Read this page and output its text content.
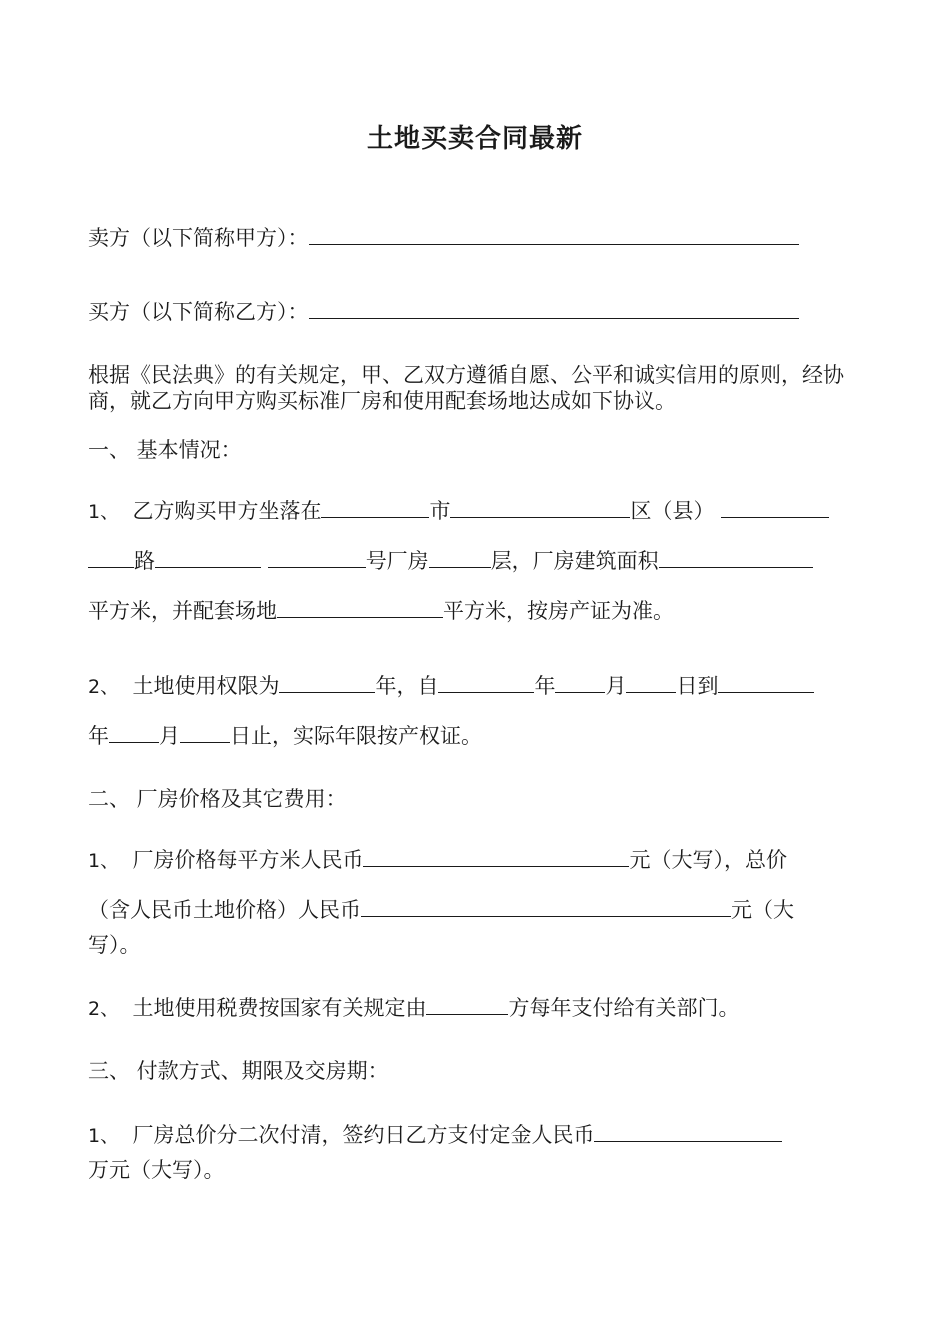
土地买卖合同最新
卖方（以下简称甲方）：
买方（以下简称乙方）：
根据《民法典》的有关规定，甲、乙双方遵循自愿、公平和诚实信用的原则，经协商，就乙方向甲方购买标准厂房和使用配套场地达成如下协议。
一、 基本情况：
1、 乙方购买甲方坐落在	市	区（县）
路	号厂房	层，厂房建筑面积
平方米，并配套场地	平方米，按房产证为准。
2、 土地使用权限为	年，自	年 月 日到
年 月 日止，实际年限按产权证。
二、 厂房价格及其它费用：
1、 厂房价格每平方米人民币	元（大写），总价
（含人民币土地价格）人民币	元（大
写）。
2、 土地使用税费按国家有关规定由	方每年支付给有关部门。
三、 付款方式、期限及交房期：
1、 厂房总价分二次付清，签约日乙方支付定金人民币
万元（大写）。
